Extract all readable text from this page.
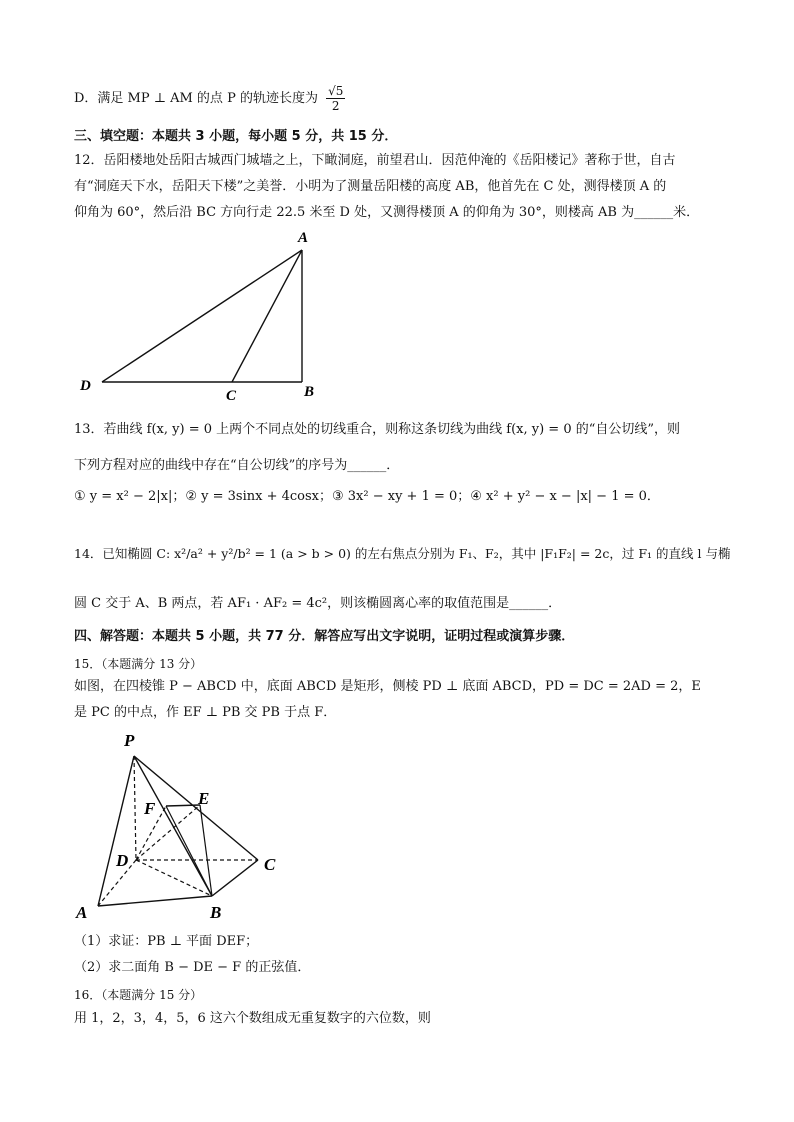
D．满足 MP ⊥ AM 的点 P 的轨迹长度为 $\frac{√5}{2}$
三、填空题：本题共 3 小题，每小题 5 分，共 15 分．
12．岳阳楼地处岳阳古城西门城墙之上，下瞰洞庭，前望君山．因范仲淹的《岳阳楼记》著称于世，自古
有“洞庭天下水，岳阳天下楼”之美誉．小明为了测量岳阳楼的高度 AB，他首先在 C 处，测得楼顶 A 的
仰角为 60°，然后沿 BC 方向行走 22.5 米至 D 处，又测得楼顶 A 的仰角为 30°，则楼高 AB 为______米．
A
D
C	B
13．若曲线 f(x, y) = 0 上两个不同点处的切线重合，则称这条切线为曲线 f(x, y) = 0 的“自公切线”，则
下列方程对应的曲线中存在“自公切线”的序号为______．
① y = x² − 2|x|；② y = 3sinx + 4cosx；③ 3x² − xy + 1 = 0；④ x² + y² − x − |x| − 1 = 0．
14．已知椭圆 C: x²/a² + y²/b² = 1 (a > b > 0) 的左右焦点分别为 F₁、F₂，其中 |F₁F₂| = 2c，过 F₁ 的直线 l 与椭
圆 C 交于 A、B 两点，若 AF₁ · AF₂ = 4c²，则该椭圆离心率的取值范围是______．
四、解答题：本题共 5 小题，共 77 分．解答应写出文字说明，证明过程或演算步骤．
15．（本题满分 13 分）
如图，在四棱锥 P − ABCD 中，底面 ABCD 是矩形，侧棱 PD ⊥ 底面 ABCD，PD = DC = 2AD = 2，E
是 PC 的中点，作 EF ⊥ PB 交 PB 于点 F．
P
F
E
D	C
A	B
（1）求证：PB ⊥ 平面 DEF；
（2）求二面角 B − DE − F 的正弦值．
16．（本题满分 15 分）
用 1，2，3，4，5，6 这六个数组成无重复数字的六位数，则
